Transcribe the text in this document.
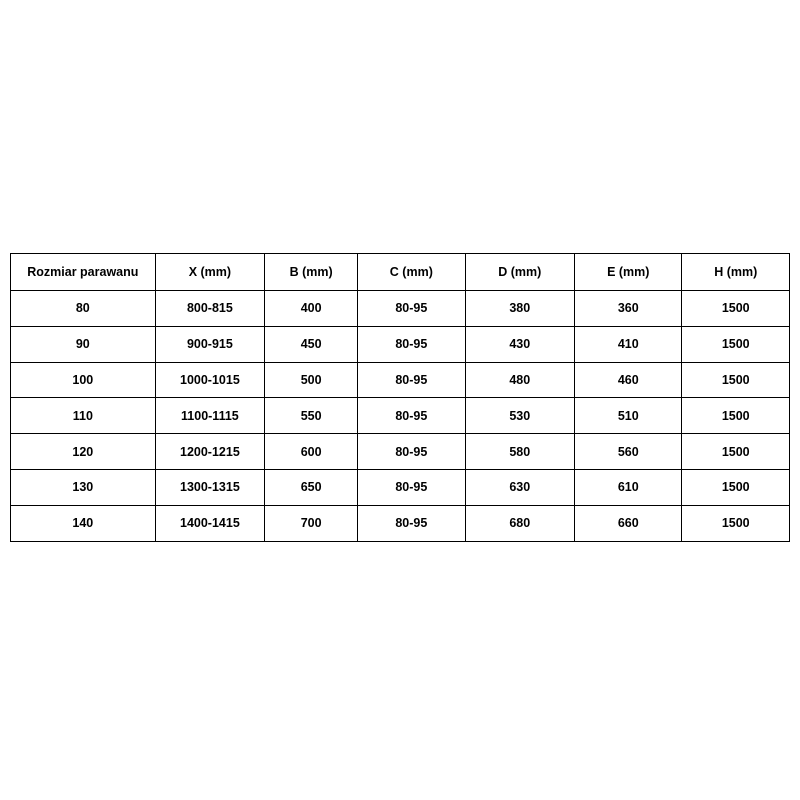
Rozmiar parawanu	X (mm)	B (mm)	C (mm)	D (mm)	E (mm)	H (mm)
80	800-815	400	80-95	380	360	1500
90	900-915	450	80-95	430	410	1500
100	1000-1015	500	80-95	480	460	1500
110	1100-1115	550	80-95	530	510	1500
120	1200-1215	600	80-95	580	560	1500
130	1300-1315	650	80-95	630	610	1500
140	1400-1415	700	80-95	680	660	1500
